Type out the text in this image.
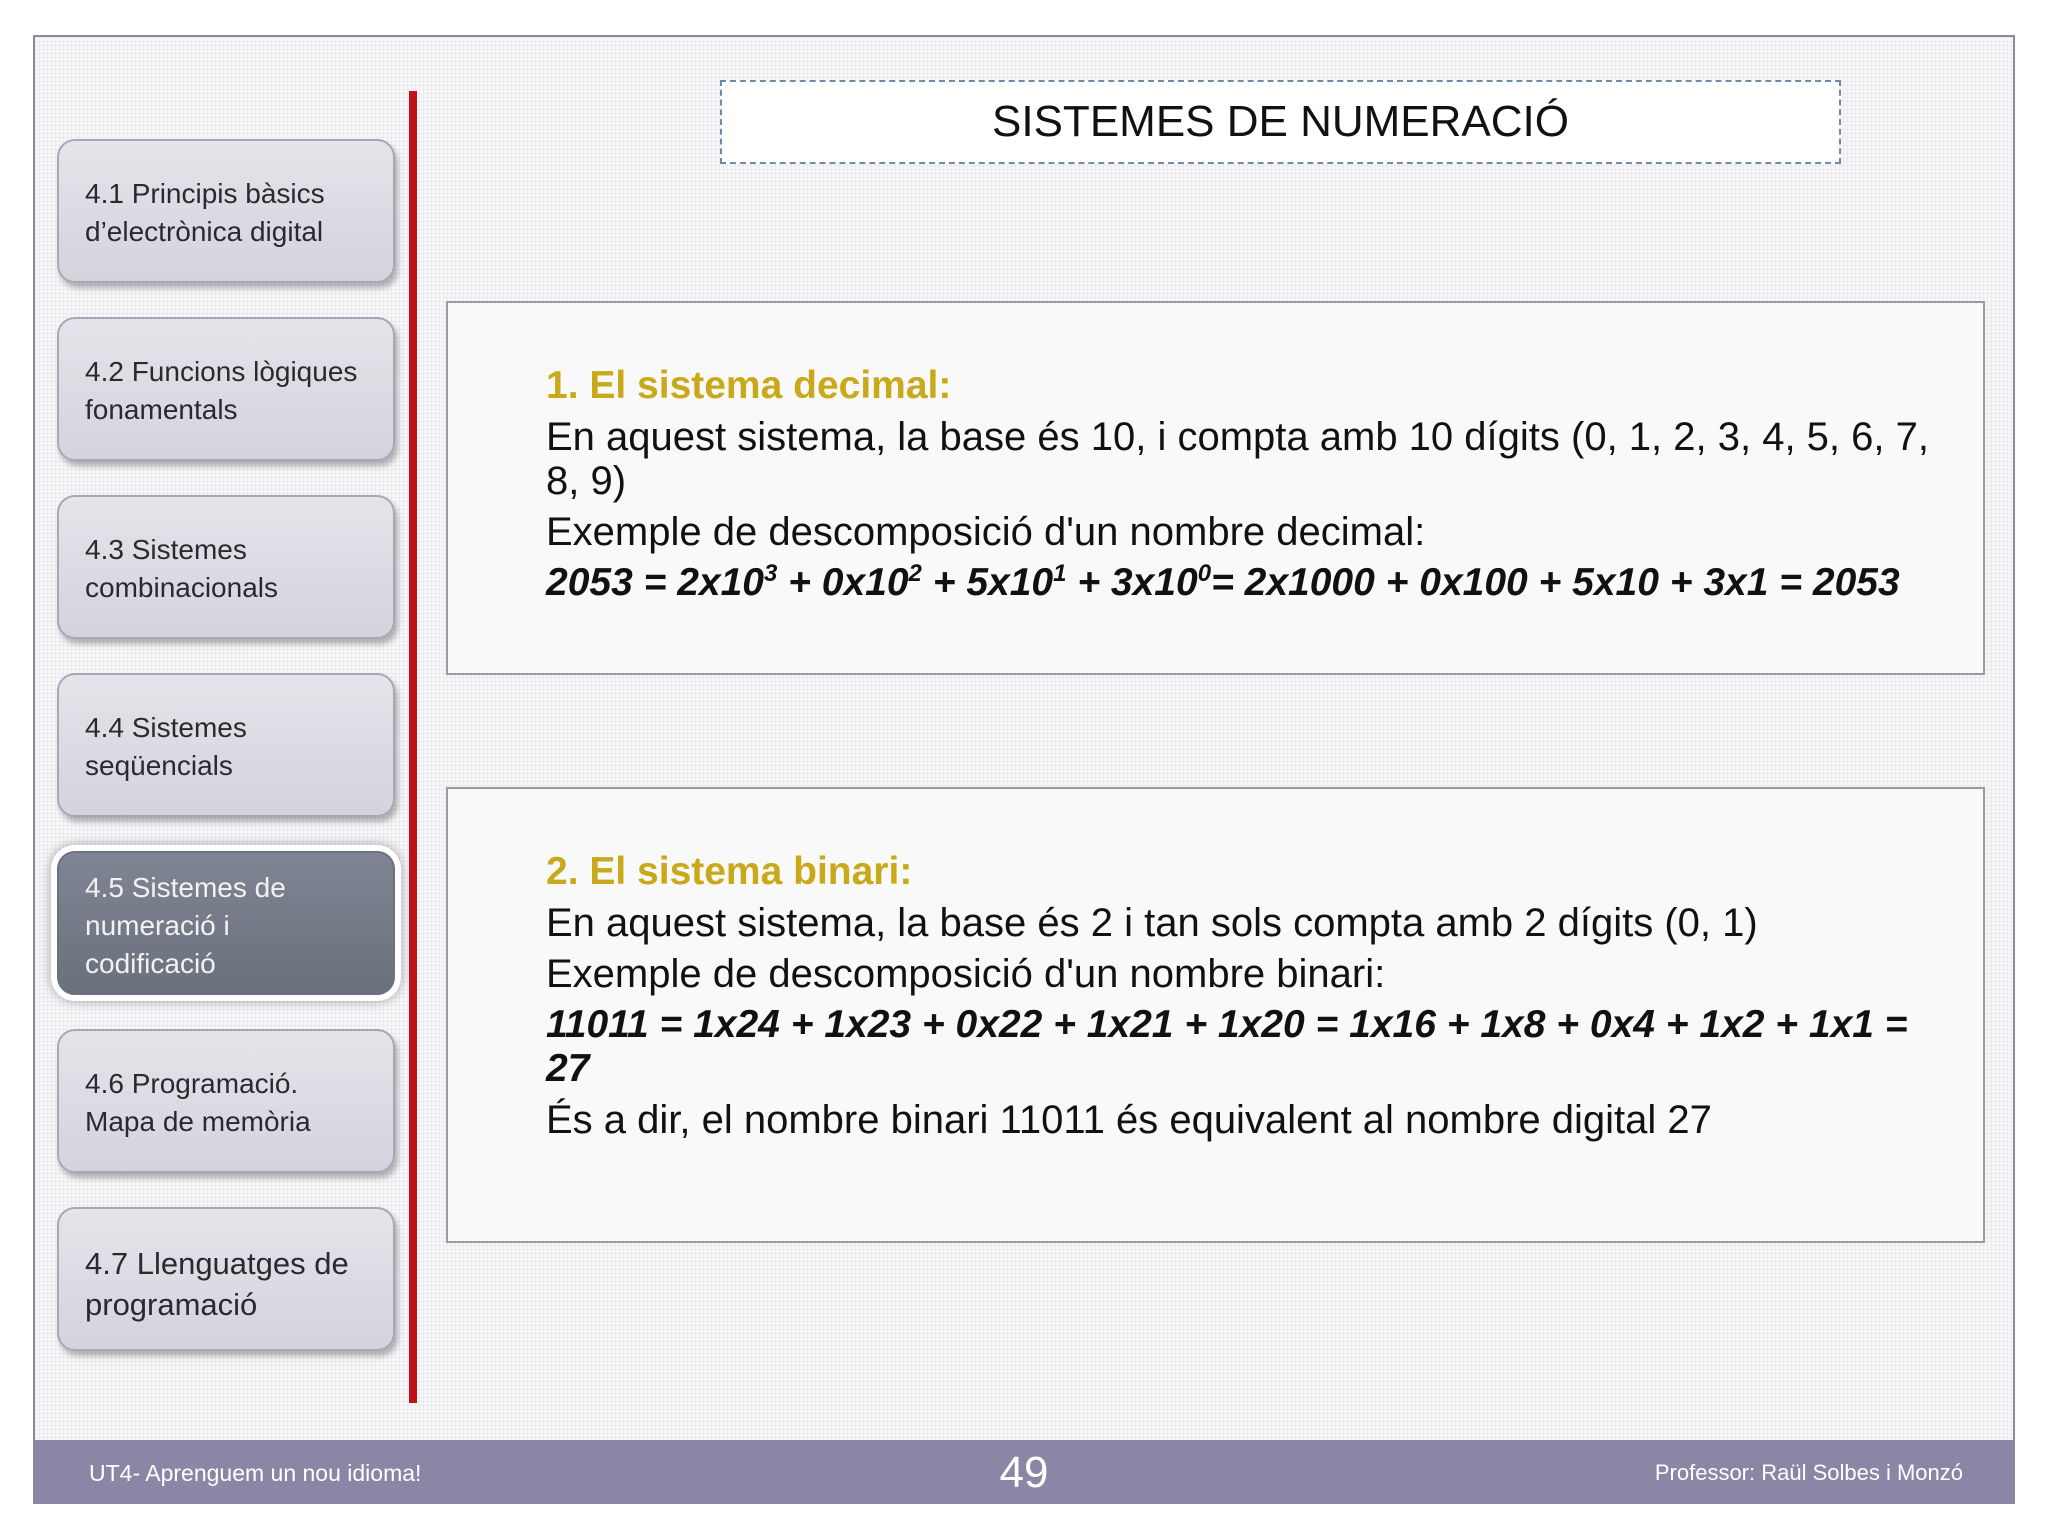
4.1 Principis bàsics
d’electrònica digital
4.2 Funcions lògiques
fonamentals
4.3 Sistemes
combinacionals
4.4 Sistemes
seqüencials
4.5 Sistemes de
numeració i
codificació
4.6 Programació.
Mapa de memòria
4.7 Llenguatges de
programació
SISTEMES DE NUMERACIÓ
1. El sistema decimal:
En aquest sistema, la base és 10, i compta amb 10 dígits (0, 1, 2, 3, 4, 5, 6, 7,
8, 9)
Exemple de descomposició d'un nombre decimal:
$2053 = 2x10^3 + 0x10^2 + 5x10^1 + 3x10^0= 2x1000 + 0x100 + 5x10 + 3x1 = 2053$
2. El sistema binari:
En aquest sistema, la base és 2 i tan sols compta amb 2 dígits (0, 1)
Exemple de descomposició d'un nombre binari:
11011 = 1x24 + 1x23 + 0x22 + 1x21 + 1x20 = 1x16 + 1x8 + 0x4 + 1x2 + 1x1 =
27
És a dir, el nombre binari 11011 és equivalent al nombre digital 27
UT4- Aprenguem un nou idioma!	49	Professor: Raül Solbes i Monzó
